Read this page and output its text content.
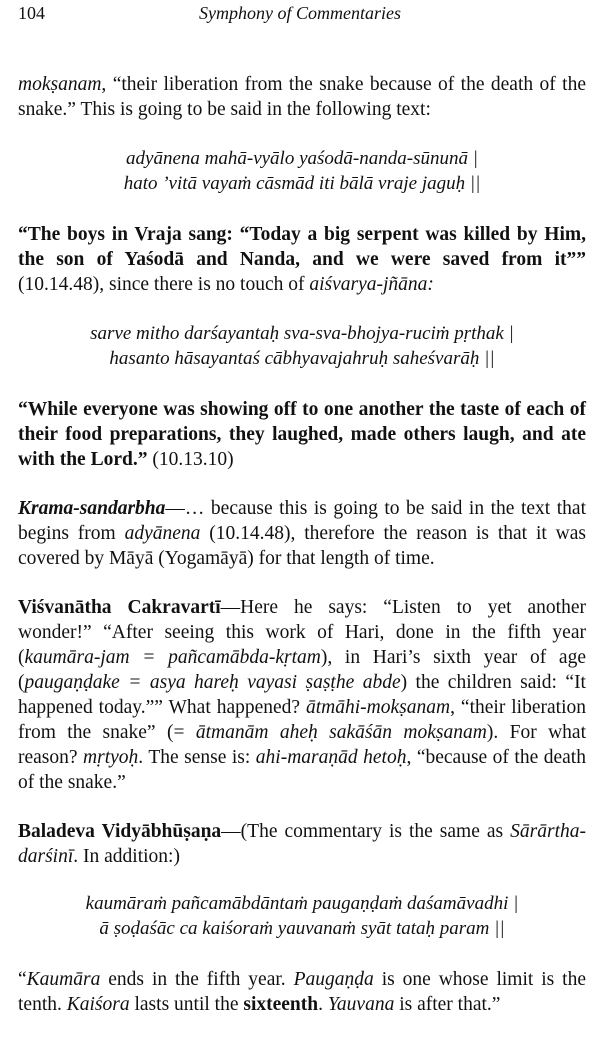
104	Symphony of Commentaries

mokṣanam, “their liberation from the snake because of the death of the snake.” This is going to be said in the following text:

adyānena mahā-vyālo yaśodā-nanda-sūnunā |
hato ’vitā vayaṁ cāsmād iti bālā vraje jaguḥ ||

“The boys in Vraja sang: “Today a big serpent was killed by Him, the son of Yaśodā and Nanda, and we were saved from it”” (10.14.48), since there is no touch of aiśvarya-jñāna:

sarve mitho darśayantaḥ sva-sva-bhojya-ruciṁ pṛthak |
hasanto hāsayantaś cābhyavajahruḥ saheśvarāḥ ||

“While everyone was showing off to one another the taste of each of their food preparations, they laughed, made others laugh, and ate with the Lord.” (10.13.10)

Krama-sandarbha—… because this is going to be said in the text that begins from adyānena (10.14.48), therefore the reason is that it was covered by Māyā (Yogamāyā) for that length of time.

Viśvanātha Cakravartī—Here he says: “Listen to yet another wonder!” “After seeing this work of Hari, done in the fifth year (kaumāra-jam = pañcamābda-kṛtam), in Hari’s sixth year of age (paugaṇḍake = asya hareḥ vayasi ṣaṣṭhe abde) the children said: “It happened today.”” What happened? ātmāhi-mokṣanam, “their liberation from the snake” (= ātmanām aheḥ sakāśān mokṣanam). For what reason? mṛtyoḥ. The sense is: ahi-maraṇād hetoḥ, “because of the death of the snake.”

Baladeva Vidyābhūṣaṇa—(The commentary is the same as Sārārtha-darśinī. In addition:)

kaumāraṁ pañcamābdāntaṁ paugaṇḍaṁ daśamāvadhi |
ā ṣoḍaśāc ca kaiśoraṁ yauvanaṁ syāt tataḥ param ||

“Kaumāra ends in the fifth year. Paugaṇḍa is one whose limit is the tenth. Kaiśora lasts until the sixteenth. Yauvana is after that.”
